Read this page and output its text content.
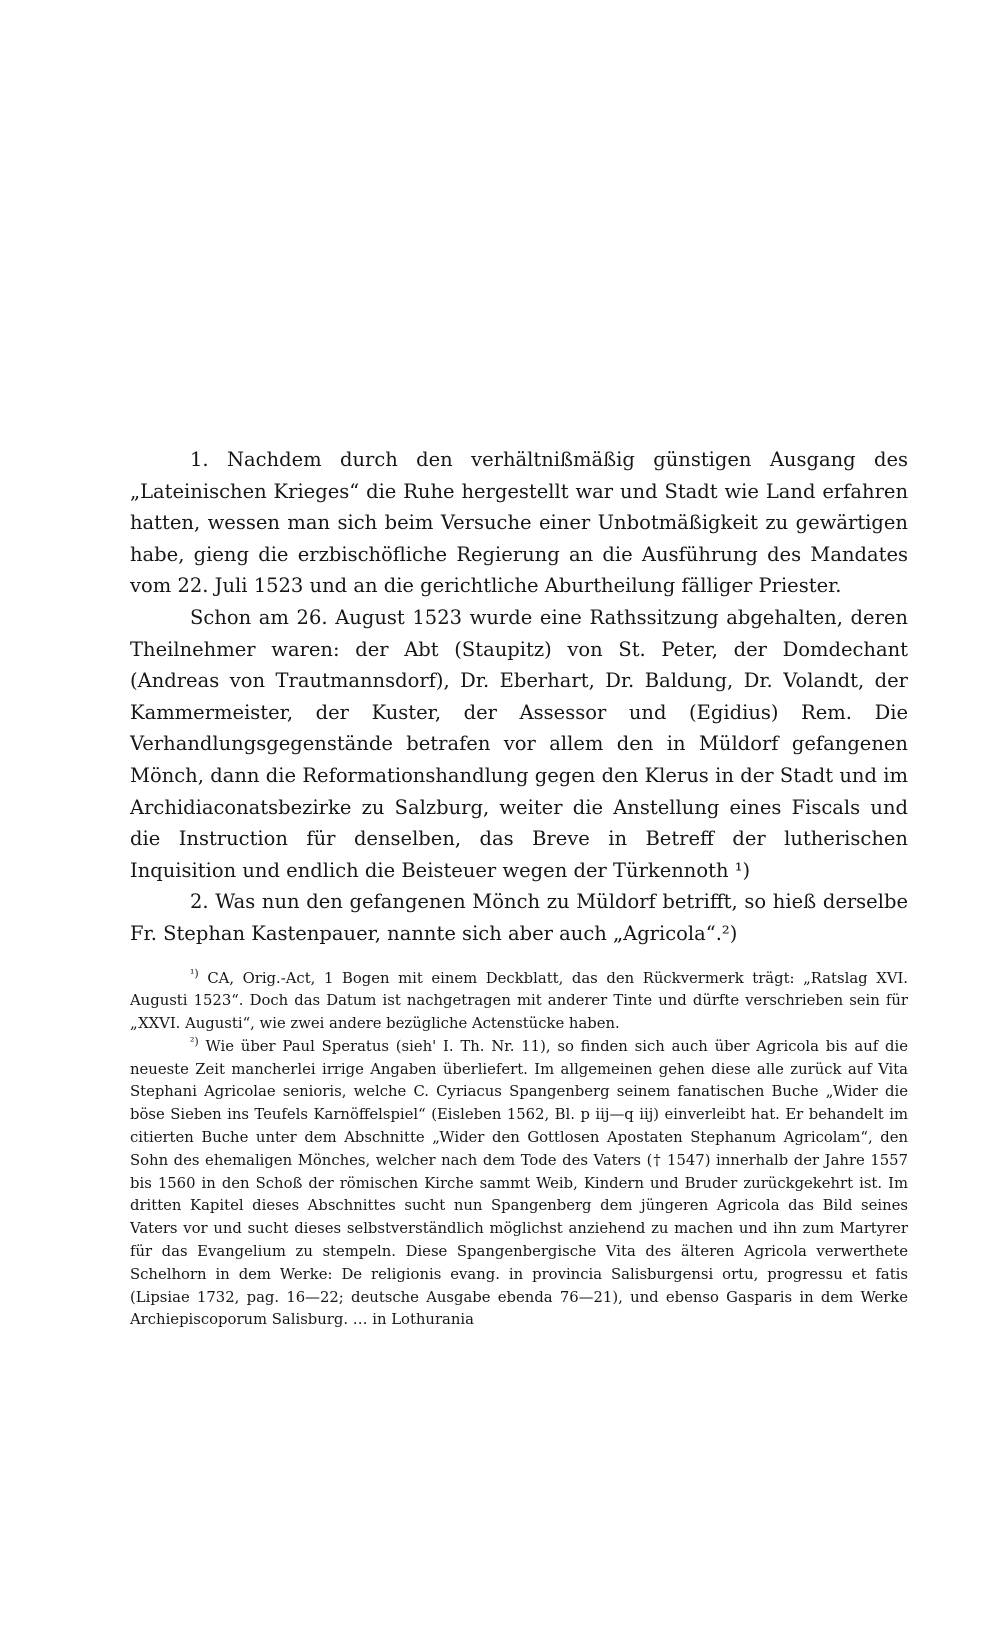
1. Nachdem durch den verhältnißmäßig günstigen Ausgang des „Lateinischen Krieges“ die Ruhe hergestellt war und Stadt wie Land erfahren hatten, wessen man sich beim Versuche einer Unbotmäßigkeit zu gewärtigen habe, gieng die erzbischöfliche Regierung an die Ausführung des Mandates vom 22. Juli 1523 und an die gerichtliche Aburtheilung fälliger Priester.

Schon am 26. August 1523 wurde eine Rathssitzung abgehalten, deren Theilnehmer waren: der Abt (Staupitz) von St. Peter, der Domdechant (Andreas von Trautmannsdorf), Dr. Eberhart, Dr. Baldung, Dr. Volandt, der Kammermeister, der Kuster, der Assessor und (Egidius) Rem. Die Verhandlungsgegenstände betrafen vor allem den in Müldorf gefangenen Mönch, dann die Reformationshandlung gegen den Klerus in der Stadt und im Archidiaconatsbezirke zu Salzburg, weiter die Anstellung eines Fiscals und die Instruction für denselben, das Breve in Betreff der lutherischen Inquisition und endlich die Beisteuer wegen der Türkennoth ¹)

2. Was nun den gefangenen Mönch zu Müldorf betrifft, so hieß derselbe Fr. Stephan Kastenpauer, nannte sich aber auch „Agricola“.²)

$^{^1)}$ CA, Orig.-Act, 1 Bogen mit einem Deckblatt, das den Rückvermerk trägt: „Ratslag XVI. Augusti 1523“. Doch das Datum ist nachgetragen mit anderer Tinte und dürfte verschrieben sein für „XXVI. Augusti“, wie zwei andere bezügliche Actenstücke haben.

$^{^2)}$ Wie über Paul Speratus (sieh' I. Th. Nr. 11), so finden sich auch über Agricola bis auf die neueste Zeit mancherlei irrige Angaben überliefert. Im allgemeinen gehen diese alle zurück auf Vita Stephani Agricolae senioris, welche C. Cyriacus Spangenberg seinem fanatischen Buche „Wider die böse Sieben ins Teufels Karnöffelspiel“ (Eisleben 1562, Bl. p iij—q iij) einverleibt hat. Er behandelt im citierten Buche unter dem Abschnitte „Wider den Gottlosen Apostaten Stephanum Agricolam“, den Sohn des ehemaligen Mönches, welcher nach dem Tode des Vaters († 1547) innerhalb der Jahre 1557 bis 1560 in den Schoß der römischen Kirche sammt Weib, Kindern und Bruder zurückgekehrt ist. Im dritten Kapitel dieses Abschnittes sucht nun Spangenberg dem jüngeren Agricola das Bild seines Vaters vor und sucht dieses selbstverständlich möglichst anziehend zu machen und ihn zum Martyrer für das Evangelium zu stempeln. Diese Spangenbergische Vita des älteren Agricola verwerthete Schelhorn in dem Werke: De religionis evang. in provincia Salisburgensi ortu, progressu et fatis (Lipsiae 1732, pag. 16—22; deutsche Ausgabe ebenda 76—21), und ebenso Gasparis in dem Werke Archiepiscoporum Salisburg. … in Lothurania
